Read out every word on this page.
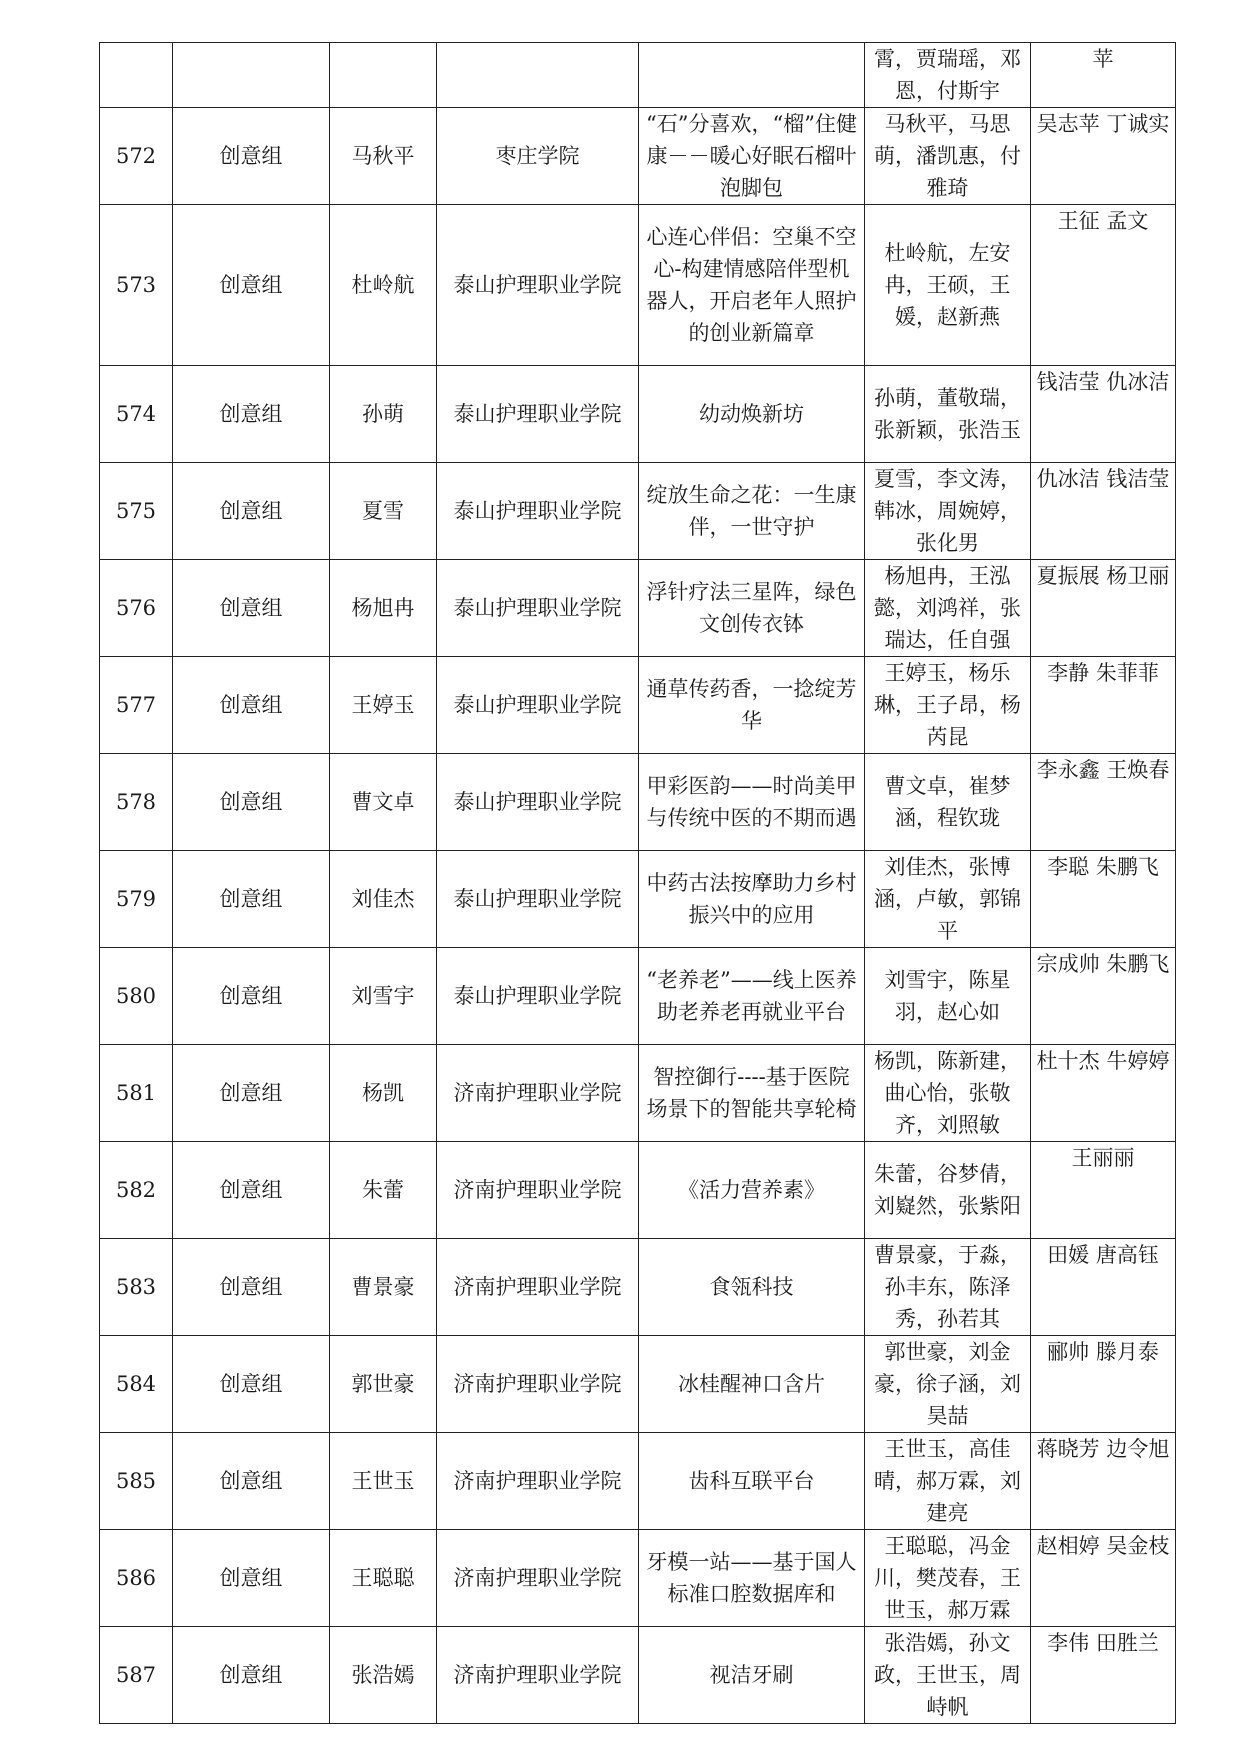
					霄，贾瑞瑶，邓恩，付斯宇	苹
572	创意组	马秋平	枣庄学院	“石”分喜欢，“榴”住健康－－暖心好眠石榴叶泡脚包	马秋平，马思萌，潘凯惠，付雅琦	吴志苹 丁诚实
573	创意组	杜岭航	泰山护理职业学院	心连心伴侣：空巢不空心-构建情感陪伴型机器人，开启老年人照护的创业新篇章	杜岭航，左安冉，王硕，王媛，赵新燕	王征 孟文
574	创意组	孙萌	泰山护理职业学院	幼动焕新坊	孙萌，董敬瑞，张新颖，张浩玉	钱洁莹 仇冰洁
575	创意组	夏雪	泰山护理职业学院	绽放生命之花：一生康伴，一世守护	夏雪，李文涛，韩冰，周婉婷，张化男	仇冰洁 钱洁莹
576	创意组	杨旭冉	泰山护理职业学院	浮针疗法三星阵，绿色文创传衣钵	杨旭冉，王泓懿，刘鸿祥，张瑞达，任自强	夏振展 杨卫丽
577	创意组	王婷玉	泰山护理职业学院	通草传药香，一捻绽芳华	王婷玉，杨乐琳，王子昂，杨芮昆	李静 朱菲菲
578	创意组	曹文卓	泰山护理职业学院	甲彩医韵——时尚美甲与传统中医的不期而遇	曹文卓，崔梦涵，程钦珑	李永鑫 王焕春
579	创意组	刘佳杰	泰山护理职业学院	中药古法按摩助力乡村振兴中的应用	刘佳杰，张博涵，卢敏，郭锦平	李聪 朱鹏飞
580	创意组	刘雪宇	泰山护理职业学院	“老养老”——线上医养助老养老再就业平台	刘雪宇，陈星羽，赵心如	宗成帅 朱鹏飞
581	创意组	杨凯	济南护理职业学院	智控御行----基于医院场景下的智能共享轮椅	杨凯，陈新建，曲心怡，张敬齐，刘照敏	杜十杰 牛婷婷
582	创意组	朱蕾	济南护理职业学院	《活力营养素》	朱蕾，谷梦倩，刘嶷然，张紫阳	王丽丽
583	创意组	曹景豪	济南护理职业学院	食瓴科技	曹景豪，于淼，孙丰东，陈泽秀，孙若其	田媛 唐高钰
584	创意组	郭世豪	济南护理职业学院	冰桂醒神口含片	郭世豪，刘金豪，徐子涵，刘昊喆	郦帅 滕月泰
585	创意组	王世玉	济南护理职业学院	齿科互联平台	王世玉，高佳晴，郝万霖，刘建亮	蒋晓芳 边令旭
586	创意组	王聪聪	济南护理职业学院	牙模一站——基于国人标准口腔数据库和	王聪聪，冯金川，樊茂春，王世玉，郝万霖	赵相婷 吴金枝
587	创意组	张浩嫣	济南护理职业学院	视洁牙刷	张浩嫣，孙文政，王世玉，周峙帆	李伟 田胜兰
